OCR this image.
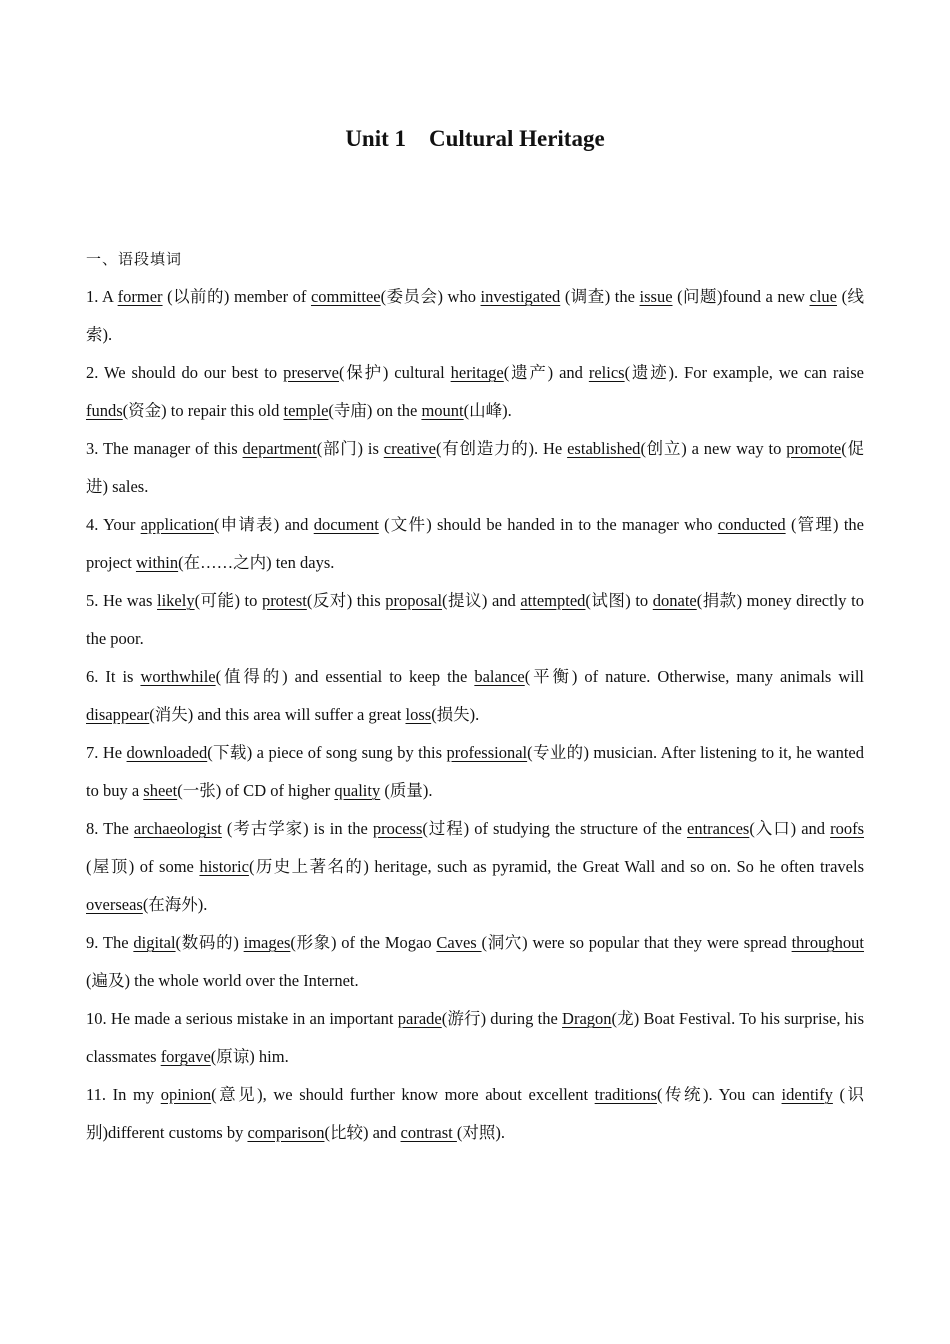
Unit 1    Cultural Heritage

一、语段填词

1. A former (以前的) member of committee(委员会) who investigated (调查) the issue (问题)found a new clue (线索).

2. We should do our best to preserve(保护) cultural heritage(遗产) and relics(遗迹). For example, we can raise funds(资金) to repair this old temple(寺庙) on the mount(山峰).

3. The manager of this department(部门) is creative(有创造力的). He established(创立) a new way to promote(促进) sales.

4. Your application(申请表) and document (文件) should be handed in to the manager who conducted (管理) the project within(在……之内) ten days.

5. He was likely(可能) to protest(反对) this proposal(提议) and attempted(试图) to donate(捐款) money directly to the poor.

6. It is worthwhile(值得的) and essential to keep the balance(平衡) of nature. Otherwise, many animals will disappear(消失) and this area will suffer a great loss(损失).

7. He downloaded(下载) a piece of song sung by this professional(专业的) musician. After listening to it, he wanted to buy a sheet(一张) of CD of higher quality (质量).

8. The archaeologist (考古学家) is in the process(过程) of studying the structure of the entrances(入口) and roofs (屋顶) of some historic(历史上著名的) heritage, such as pyramid, the Great Wall and so on. So he often travels overseas(在海外).

9. The digital(数码的) images(形象) of the Mogao Caves (洞穴) were so popular that they were spread throughout (遍及) the whole world over the Internet.

10. He made a serious mistake in an important parade(游行) during the Dragon(龙) Boat Festival. To his surprise, his classmates forgave(原谅) him.

11. In my opinion(意见), we should further know more about excellent traditions(传统). You can identify (识别)different customs by comparison(比较) and contrast (对照).
